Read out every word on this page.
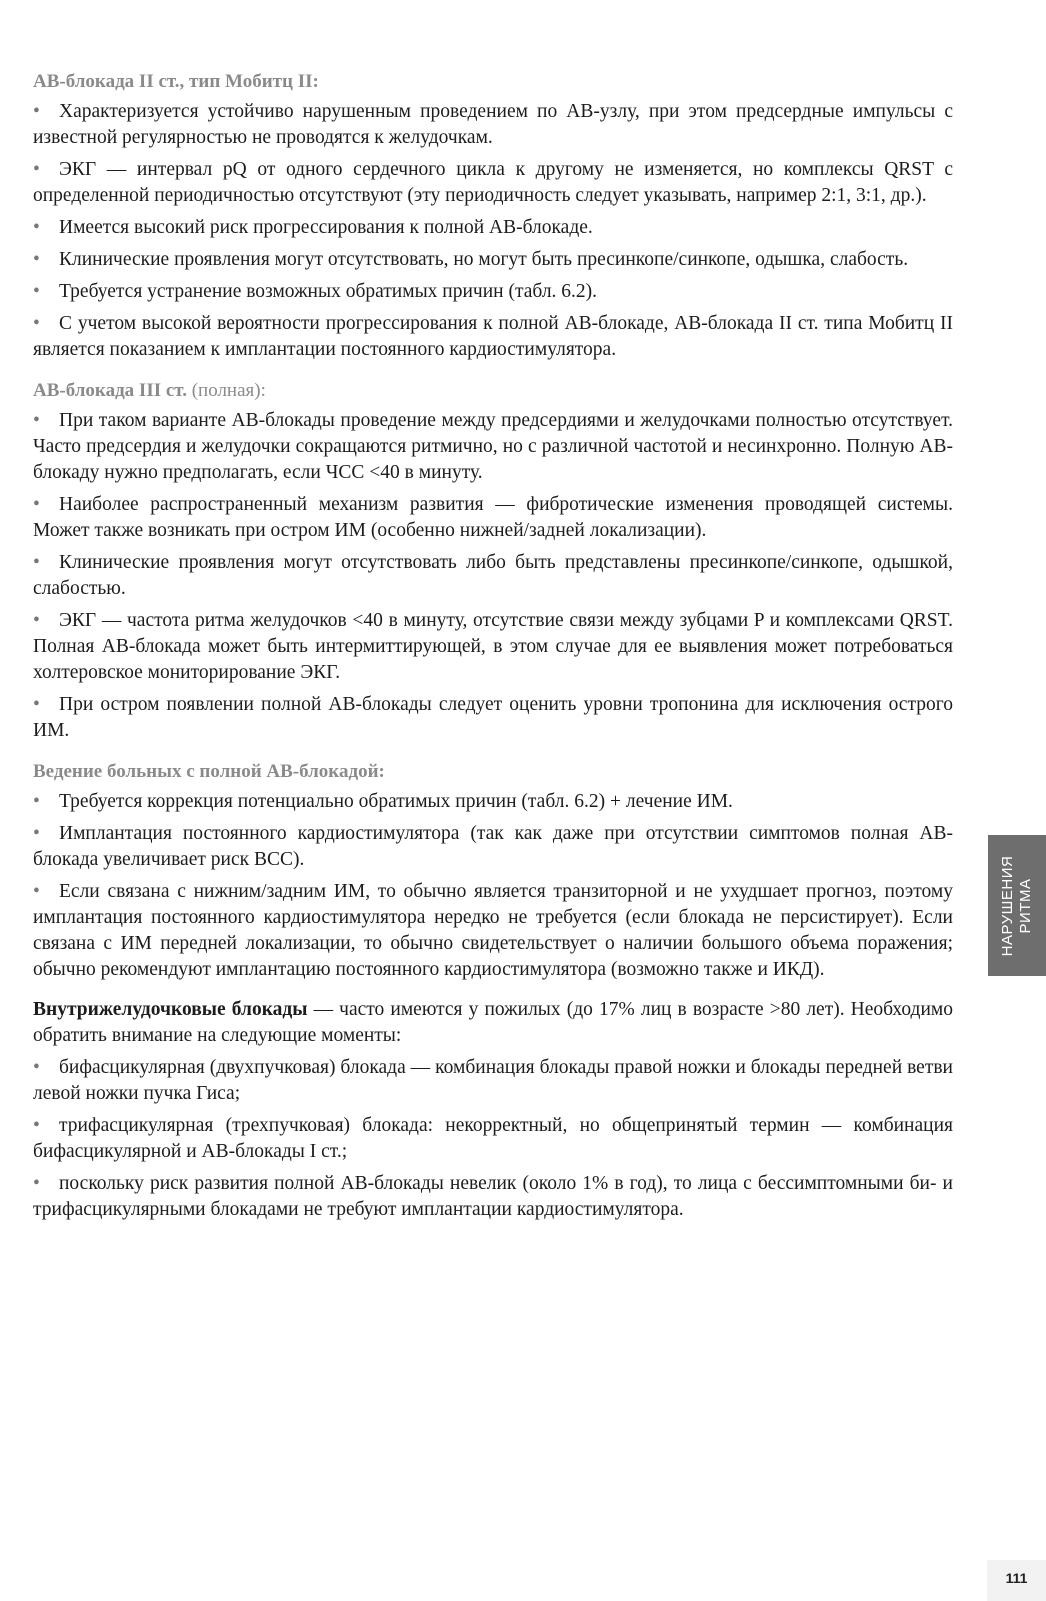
АВ-блокада II ст., тип Мобитц II:
• Характеризуется устойчиво нарушенным проведением по АВ-узлу, при этом предсердные импульсы с известной регулярностью не проводятся к желудочкам.
• ЭКГ — интервал pQ от одного сердечного цикла к другому не изменяется, но комплексы QRST с определенной периодичностью отсутствуют (эту периодичность следует указывать, например 2:1, 3:1, др.).
• Имеется высокий риск прогрессирования к полной АВ-блокаде.
• Клинические проявления могут отсутствовать, но могут быть пресинкопе/синкопе, одышка, слабость.
• Требуется устранение возможных обратимых причин (табл. 6.2).
• С учетом высокой вероятности прогрессирования к полной АВ-блокаде, АВ-блокада II ст. типа Мобитц II является показанием к имплантации постоянного кардиостимулятора.
АВ-блокада III ст. (полная):
• При таком варианте АВ-блокады проведение между предсердиями и желудочками полностью отсутствует. Часто предсердия и желудочки сокращаются ритмично, но с различной частотой и несинхронно. Полную АВ-блокаду нужно предполагать, если ЧСС <40 в минуту.
• Наиболее распространенный механизм развития — фибротические изменения проводящей системы. Может также возникать при остром ИМ (особенно нижней/задней локализации).
• Клинические проявления могут отсутствовать либо быть представлены пресинкопе/синкопе, одышкой, слабостью.
• ЭКГ — частота ритма желудочков <40 в минуту, отсутствие связи между зубцами P и комплексами QRST. Полная АВ-блокада может быть интермиттирующей, в этом случае для ее выявления может потребоваться холтеровское мониторирование ЭКГ.
• При остром появлении полной АВ-блокады следует оценить уровни тропонина для исключения острого ИМ.
Ведение больных с полной АВ-блокадой:
• Требуется коррекция потенциально обратимых причин (табл. 6.2) + лечение ИМ.
• Имплантация постоянного кардиостимулятора (так как даже при отсутствии симптомов полная АВ-блокада увеличивает риск ВСС).
• Если связана с нижним/задним ИМ, то обычно является транзиторной и не ухудшает прогноз, поэтому имплантация постоянного кардиостимулятора нередко не требуется (если блокада не персистирует). Если связана с ИМ передней локализации, то обычно свидетельствует о наличии большого объема поражения; обычно рекомендуют имплантацию постоянного кардиостимулятора (возможно также и ИКД).

Внутрижелудочковые блокады — часто имеются у пожилых (до 17% лиц в возрасте >80 лет). Необходимо обратить внимание на следующие моменты:

• бифасцикулярная (двухпучковая) блокада — комбинация блокады правой ножки и блокады передней ветви левой ножки пучка Гиса;
• трифасцикулярная (трехпучковая) блокада: некорректный, но общепринятый термин — комбинация бифасцикулярной и АВ-блокады I ст.;
• поскольку риск развития полной АВ-блокады невелик (около 1% в год), то лица с бессимптомными би- и трифасцикулярными блокадами не требуют имплантации кардиостимулятора.
НАРУШЕНИЯ РИТМА
111
